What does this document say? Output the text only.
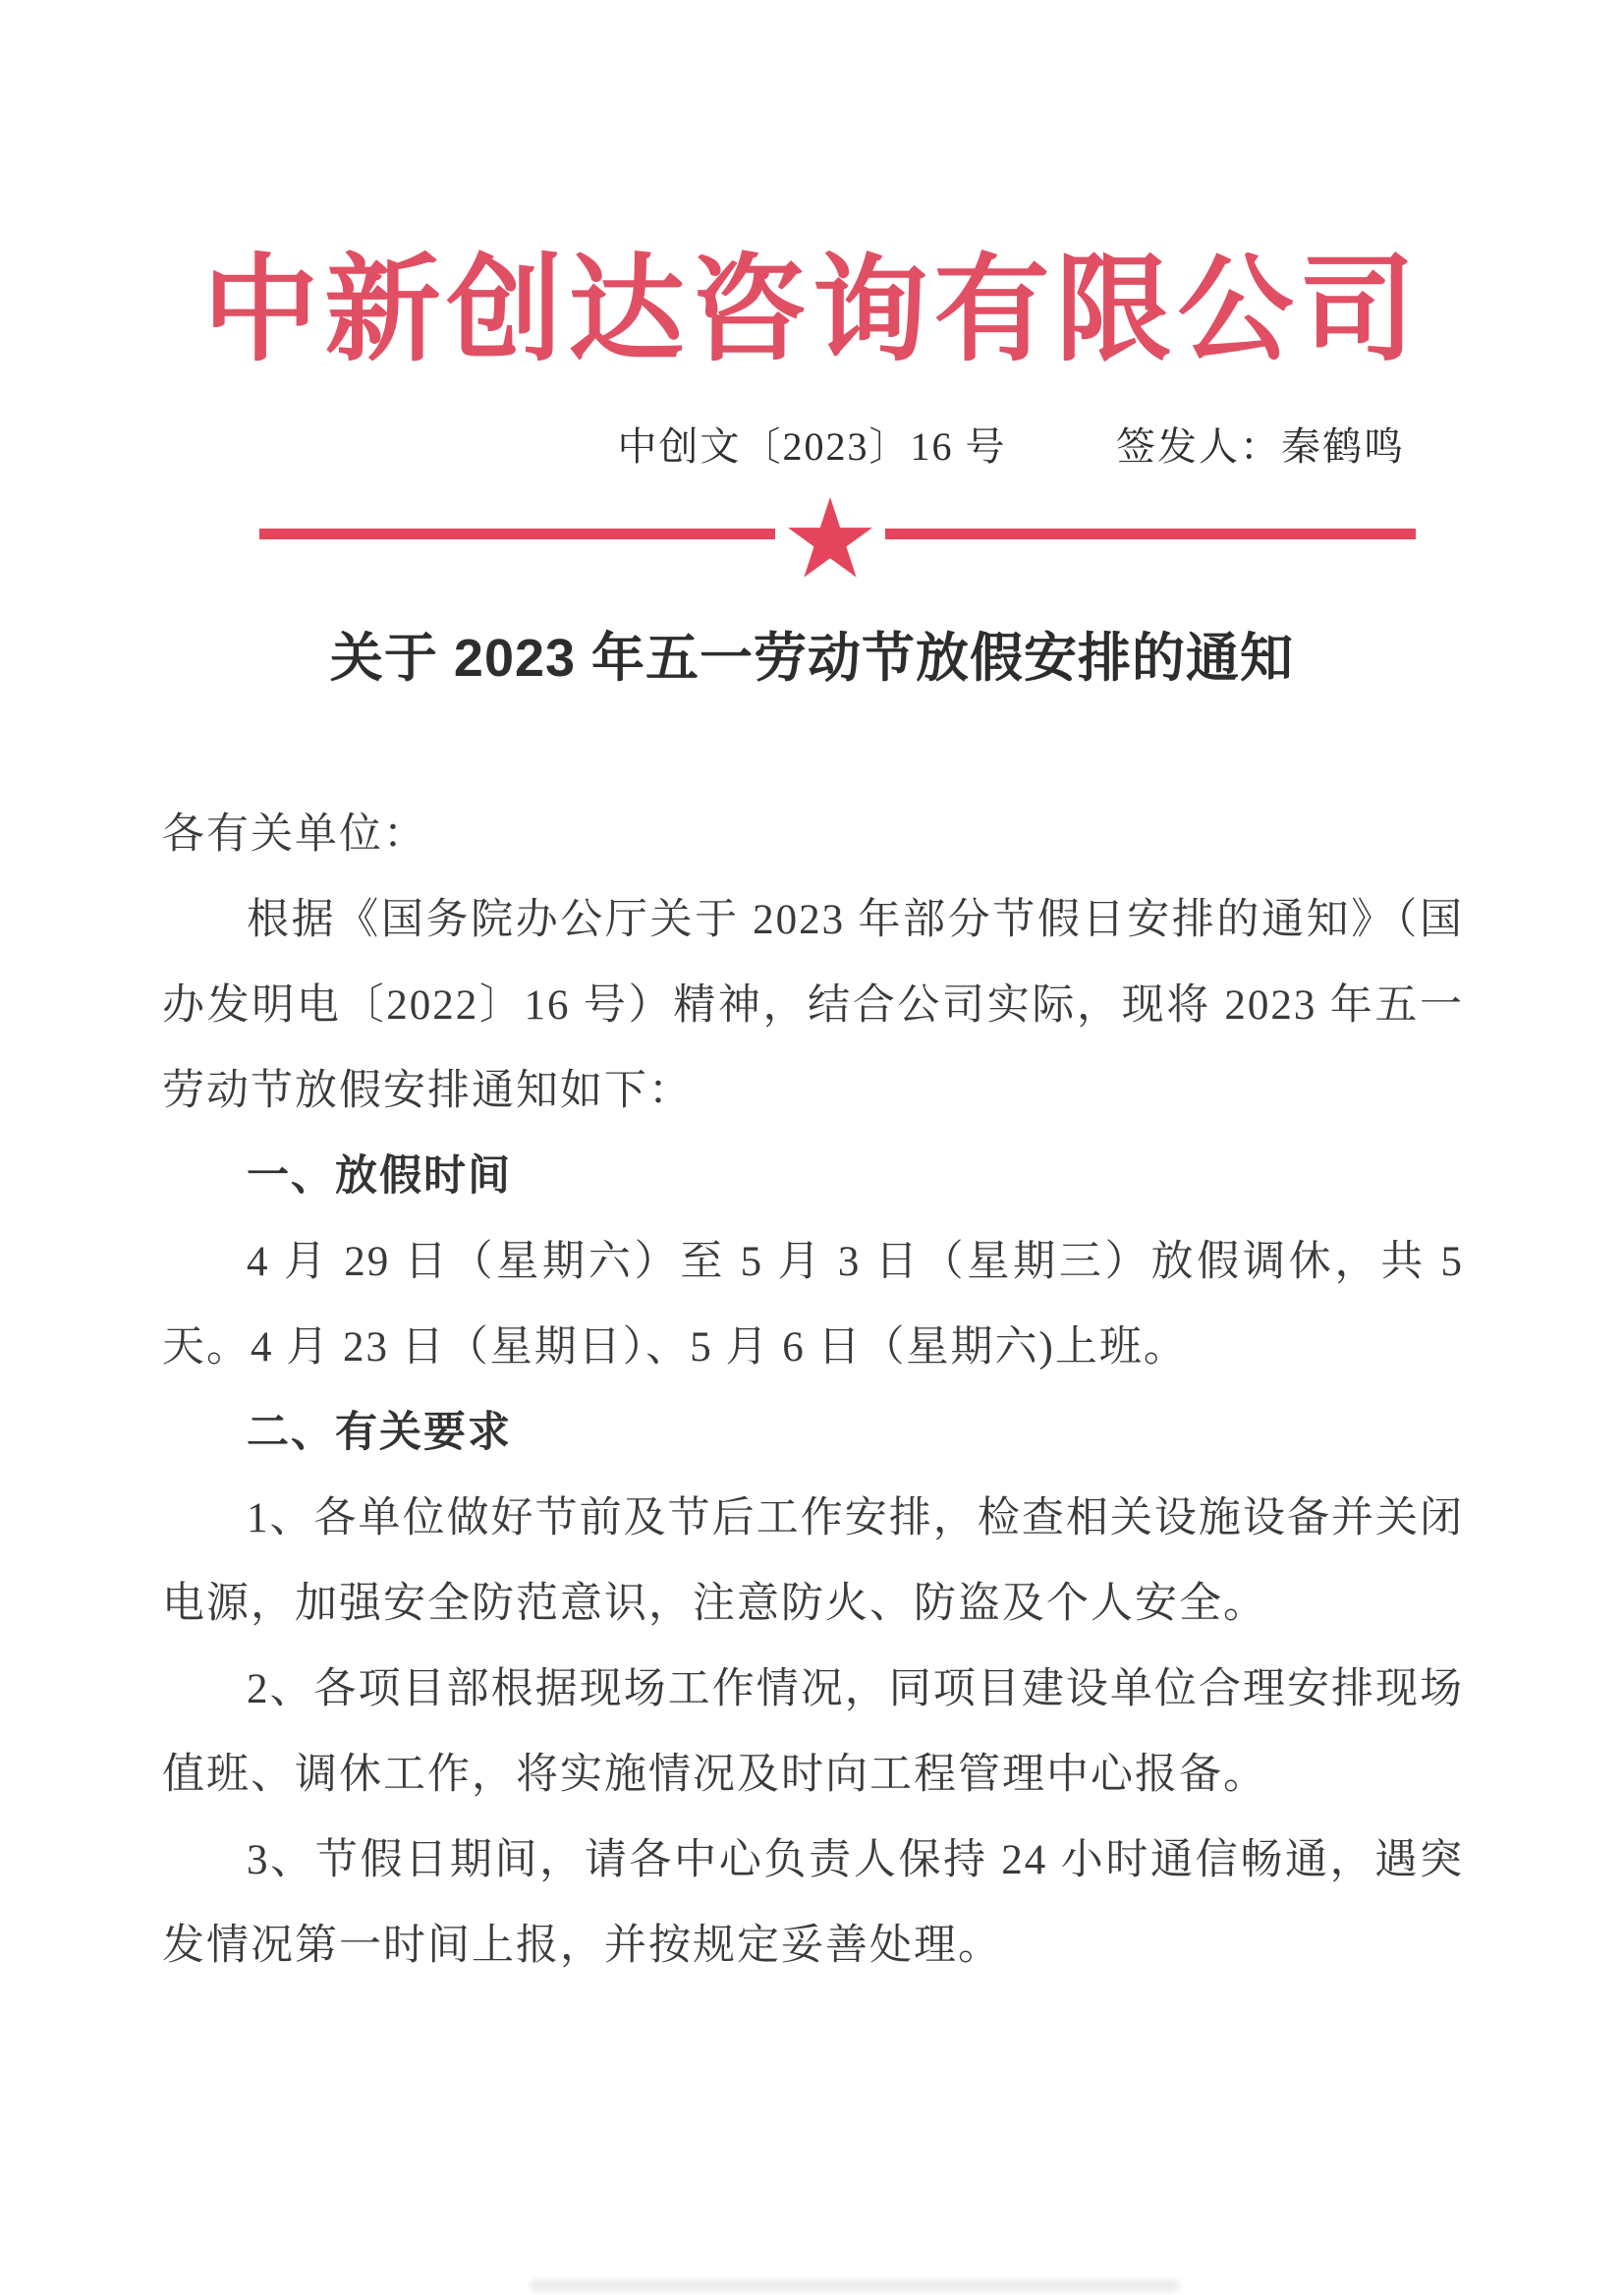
中新创达咨询有限公司
中创文〔2023〕16 号	签发人：秦鹤鸣
★
关于 2023 年五一劳动节放假安排的通知

各有关单位：

根据《国务院办公厅关于 2023 年部分节假日安排的通知》（国办发明电〔2022〕16 号）精神，结合公司实际，现将 2023 年五一劳动节放假安排通知如下：

一、放假时间

4 月 29 日（星期六）至 5 月 3 日（星期三）放假调休，共 5 天。4 月 23 日（星期日）、5 月 6 日（星期六)上班。

二、有关要求

1、各单位做好节前及节后工作安排，检查相关设施设备并关闭电源，加强安全防范意识，注意防火、防盗及个人安全。

2、各项目部根据现场工作情况，同项目建设单位合理安排现场值班、调休工作，将实施情况及时向工程管理中心报备。

3、节假日期间，请各中心负责人保持 24 小时通信畅通，遇突发情况第一时间上报，并按规定妥善处理。
